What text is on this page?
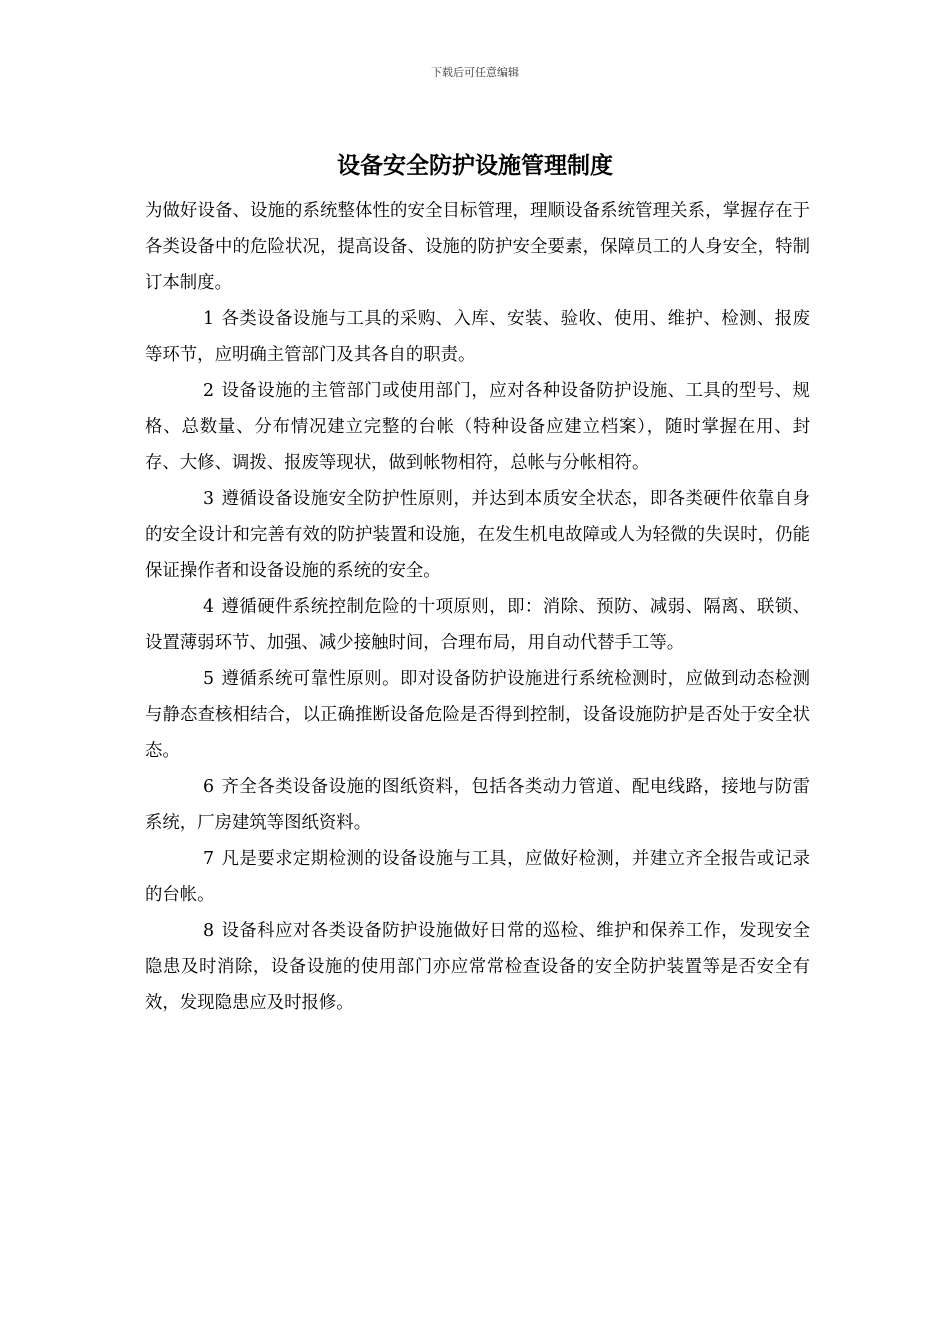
下载后可任意编辑
设备安全防护设施管理制度

为做好设备、设施的系统整体性的安全目标管理，理顺设备系统管理关系，掌握存在于各类设备中的危险状况，提高设备、设施的防护安全要素，保障员工的人身安全，特制订本制度。

1 各类设备设施与工具的采购、入库、安装、验收、使用、维护、检测、报废等环节，应明确主管部门及其各自的职责。

2 设备设施的主管部门或使用部门，应对各种设备防护设施、工具的型号、规格、总数量、分布情况建立完整的台帐（特种设备应建立档案），随时掌握在用、封存、大修、调拨、报废等现状，做到帐物相符，总帐与分帐相符。

3 遵循设备设施安全防护性原则，并达到本质安全状态，即各类硬件依靠自身的安全设计和完善有效的防护装置和设施，在发生机电故障或人为轻微的失误时，仍能保证操作者和设备设施的系统的安全。

4 遵循硬件系统控制危险的十项原则，即：消除、预防、减弱、隔离、联锁、设置薄弱环节、加强、减少接触时间，合理布局，用自动代替手工等。

5 遵循系统可靠性原则。即对设备防护设施进行系统检测时，应做到动态检测与静态查核相结合，以正确推断设备危险是否得到控制，设备设施防护是否处于安全状态。

6 齐全各类设备设施的图纸资料，包括各类动力管道、配电线路，接地与防雷系统，厂房建筑等图纸资料。

7 凡是要求定期检测的设备设施与工具，应做好检测，并建立齐全报告或记录的台帐。

8 设备科应对各类设备防护设施做好日常的巡检、维护和保养工作，发现安全隐患及时消除，设备设施的使用部门亦应常常检查设备的安全防护装置等是否安全有效，发现隐患应及时报修。
